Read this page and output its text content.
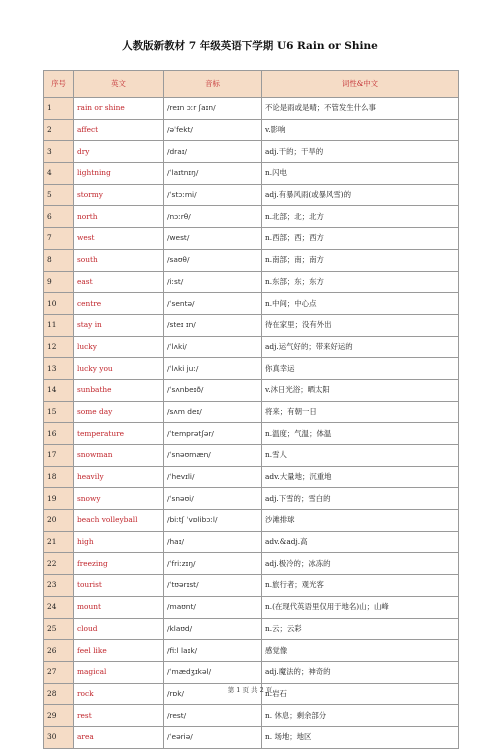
人教版新教材 7 年级英语下学期 U6 Rain or Shine
序号	英文	音标	词性&中文
1	rain or shine	/reɪn ɔːr ʃaɪn/	不论是雨或是晴；不管发生什么事
2	affect	/əˈfekt/	v.影响
3	dry	/draɪ/	adj.干的；干旱的
4	lightning	/ˈlaɪtnɪŋ/	n.闪电
5	stormy	/ˈstɔːmi/	adj.有暴风雨(或暴风雪)的
6	north	/nɔːrθ/	n.北部；北；北方
7	west	/west/	n.西部；西；西方
8	south	/saʊθ/	n.南部；南；南方
9	east	/iːst/	n.东部；东；东方
10	centre	/ˈsentə/	n.中间；中心点
11	stay in	/steɪ ɪn/	待在家里；没有外出
12	lucky	/ˈlʌki/	adj.运气好的；带来好运的
13	lucky you	/ˈlʌki juː/	你真幸运
14	sunbathe	/ˈsʌnbeɪð/	v.沐日光浴；晒太阳
15	some day	/sʌm deɪ/	将来；有朝一日
16	temperature	/ˈtemprətʃər/	n.温度；气温；体温
17	snowman	/ˈsnəʊmæn/	n.雪人
18	heavily	/ˈhevɪli/	adv.大量地；沉重地
19	snowy	/ˈsnəʊi/	adj.下雪的；雪白的
20	beach volleyball	/biːtʃ ˈvɒlibɔːl/	沙滩排球
21	high	/haɪ/	adv.&adj.高
22	freezing	/ˈfriːzɪŋ/	adj.极冷的；冰冻的
23	tourist	/ˈtʊərɪst/	n.旅行者；观光客
24	mount	/maʊnt/	n.(在现代英语里仅用于地名)山；山峰
25	cloud	/klaʊd/	n.云；云彩
26	feel like	/fiːl laɪk/	感觉像
27	magical	/ˈmædʒɪkəl/	adj.魔法的；神奇的
28	rock	/rɒk/	n.岩石
29	rest	/rest/	n. 休息；剩余部分
30	area	/ˈeəriə/	n. 场地；地区
第 1 页 共 2 页
